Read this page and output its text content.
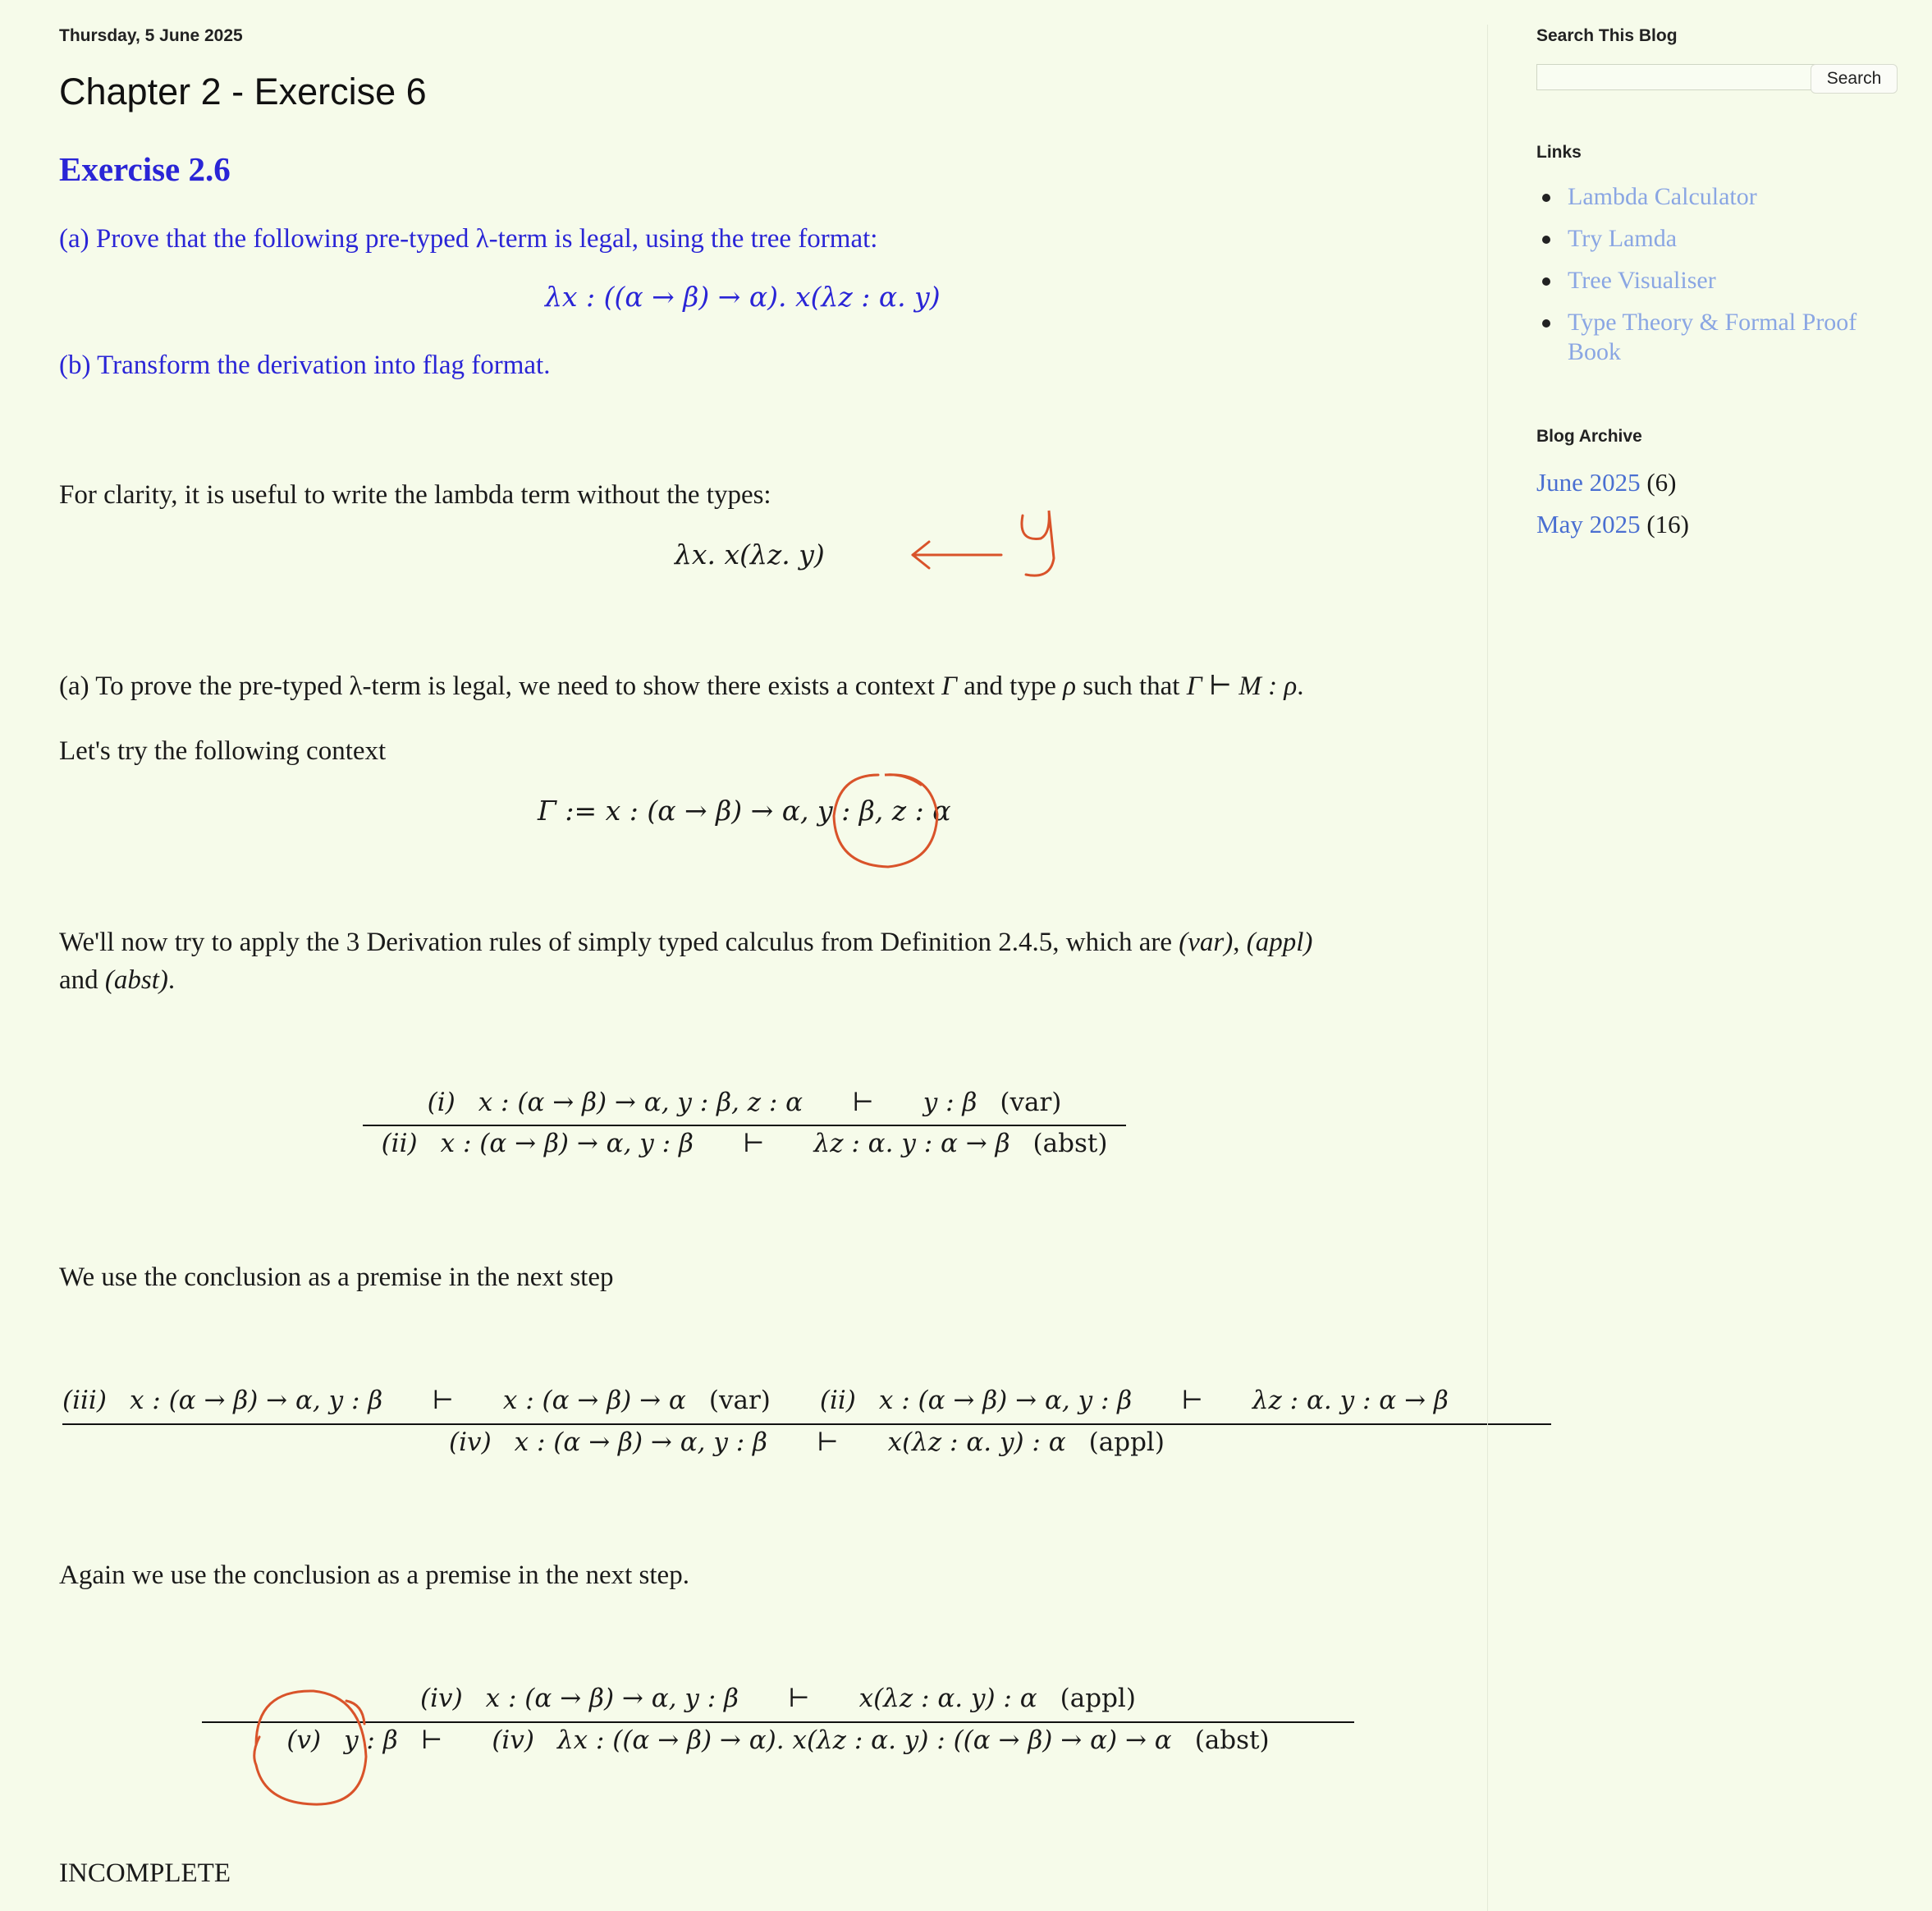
Thursday, 5 June 2025
Chapter 2 - Exercise 6
Exercise 2.6
(a) Prove that the following pre-typed λ-term is legal, using the tree format:
λx : ((α → β) → α). x(λz : α. y)
(b) Transform the derivation into flag format.
For clarity, it is useful to write the lambda term without the types:
λx. x(λz. y)
(a) To prove the pre-typed λ-term is legal, we need to show there exists a context Γ and type ρ such that Γ ⊢ M : ρ.
Let's try the following context
Γ := x : (α → β) → α, y : β, z : α
We'll now try to apply the 3 Derivation rules of simply typed calculus from Definition 2.4.5, which are (var), (appl)
and (abst).
(i) x : (α → β) → α, y : β, z : α ⊢ y : β (var)
(ii) x : (α → β) → α, y : β ⊢ λz : α. y : α → β (abst)
We use the conclusion as a premise in the next step
(iii) x : (α → β) → α, y : β ⊢ x : (α → β) → α (var) (ii) x : (α → β) → α, y : β ⊢ λz : α. y : α → β
(iv) x : (α → β) → α, y : β ⊢ x(λz : α. y) : α (appl)
Again we use the conclusion as a premise in the next step.
(iv) x : (α → β) → α, y : β ⊢ x(λz : α. y) : α (appl)
(v) y : β ⊢ (iv) λx : ((α → β) → α). x(λz : α. y) : ((α → β) → α) → α (abst)
INCOMPLETE
Search This Blog
Search
Links
Lambda Calculator
Try Lamda
Tree Visualiser
Type Theory & Formal Proof Book
Blog Archive
June 2025 (6)
May 2025 (16)
